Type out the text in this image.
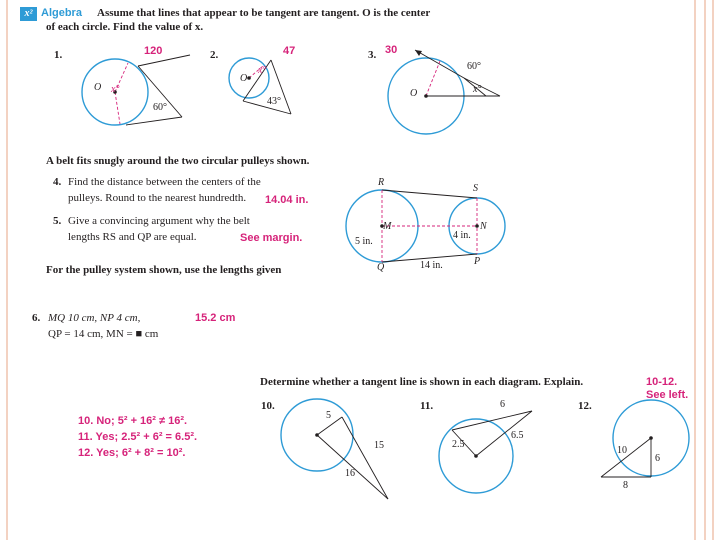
x² Algebra Assume that lines that appear to be tangent are tangent. O is the center
of each circle. Find the value of x.
1.	120
O x°
60°
2.	47
O
x°
43°
3. 30
O
60°
x°
A belt fits snugly around the two circular pulleys shown.
4. Find the distance between the centers of the
pulleys. Round to the nearest hundredth. 14.04 in.
5. Give a convincing argument why the belt
lengths RS and QP are equal.	See margin.
For the pulley system shown, use the lengths given
R
S
M	N
5 in.
4 in.
Q	14 in.	P
6. MQ 10 cm, NP 4 cm,	15.2 cm
QP = 14 cm, MN = ■ cm
Determine whether a tangent line is shown in each diagram. Explain.	10-12.
See left.
10. No; 5² + 16² ≠ 16².
11. Yes; 2.5² + 6² = 6.5².
12. Yes; 6² + 8² = 10².
10.
5
15
16
11.	6
6.5
2.5
12.
10
6
8
